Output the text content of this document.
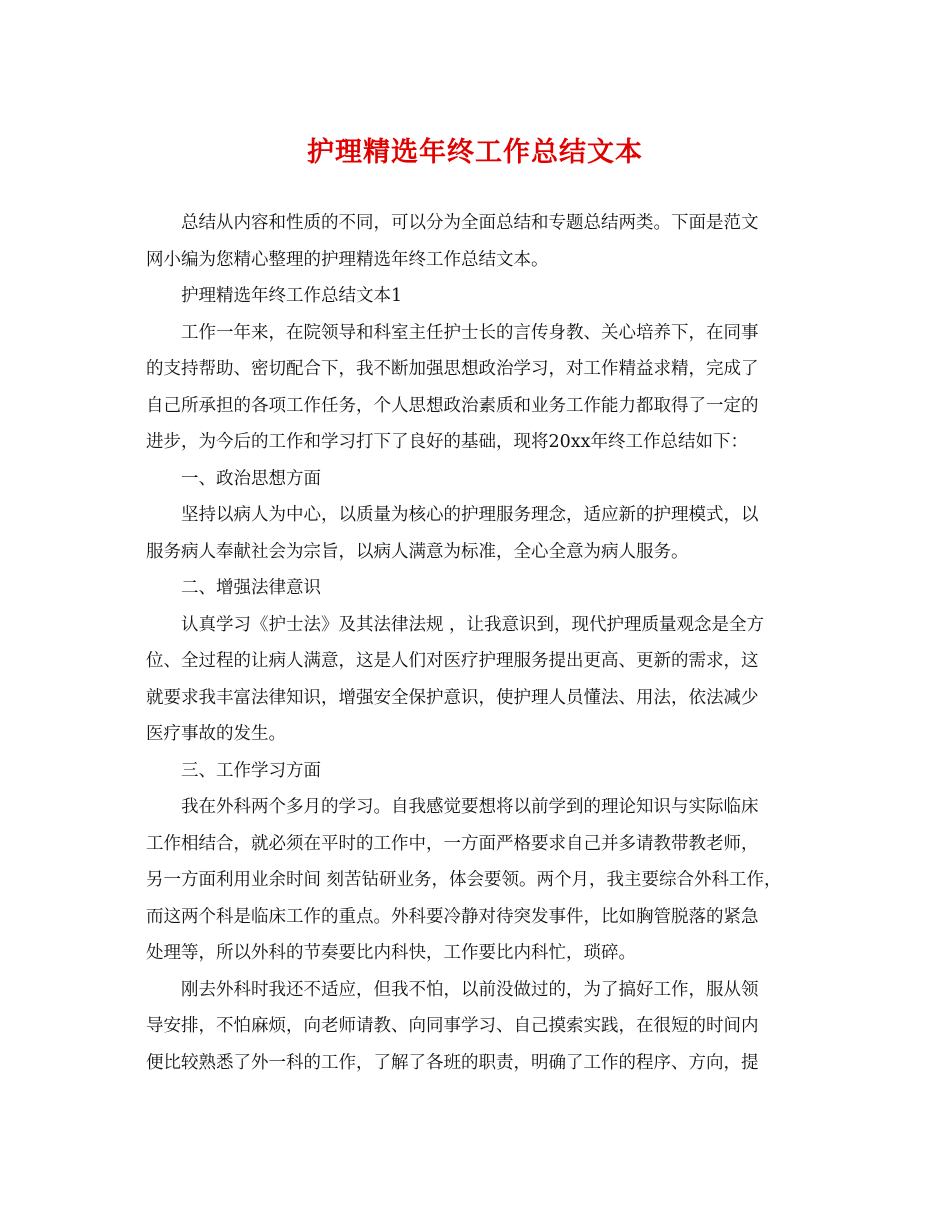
护理精选年终工作总结文本
总结从内容和性质的不同，可以分为全面总结和专题总结两类。下面是范文
网小编为您精心整理的护理精选年终工作总结文本。
护理精选年终工作总结文本1
工作一年来，在院领导和科室主任护士长的言传身教、关心培养下，在同事
的支持帮助、密切配合下，我不断加强思想政治学习，对工作精益求精，完成了
自己所承担的各项工作任务，个人思想政治素质和业务工作能力都取得了一定的
进步，为今后的工作和学习打下了良好的基础，现将20xx年终工作总结如下：
一、政治思想方面
坚持以病人为中心，以质量为核心的护理服务理念，适应新的护理模式，以
服务病人奉献社会为宗旨，以病人满意为标准，全心全意为病人服务。
二、增强法律意识
认真学习《护士法》及其法律法规 ，让我意识到，现代护理质量观念是全方
位、全过程的让病人满意，这是人们对医疗护理服务提出更高、更新的需求，这
就要求我丰富法律知识，增强安全保护意识，使护理人员懂法、用法，依法减少
医疗事故的发生。
三、工作学习方面
我在外科两个多月的学习。自我感觉要想将以前学到的理论知识与实际临床
工作相结合，就必须在平时的工作中，一方面严格要求自己并多请教带教老师，
另一方面利用业余时间 刻苦钻研业务，体会要领。两个月，我主要综合外科工作，
而这两个科是临床工作的重点。外科要冷静对待突发事件，比如胸管脱落的紧急
处理等，所以外科的节奏要比内科快，工作要比内科忙，琐碎。
刚去外科时我还不适应，但我不怕，以前没做过的，为了搞好工作，服从领
导安排，不怕麻烦，向老师请教、向同事学习、自己摸索实践，在很短的时间内
便比较熟悉了外一科的工作，了解了各班的职责，明确了工作的程序、方向，提
